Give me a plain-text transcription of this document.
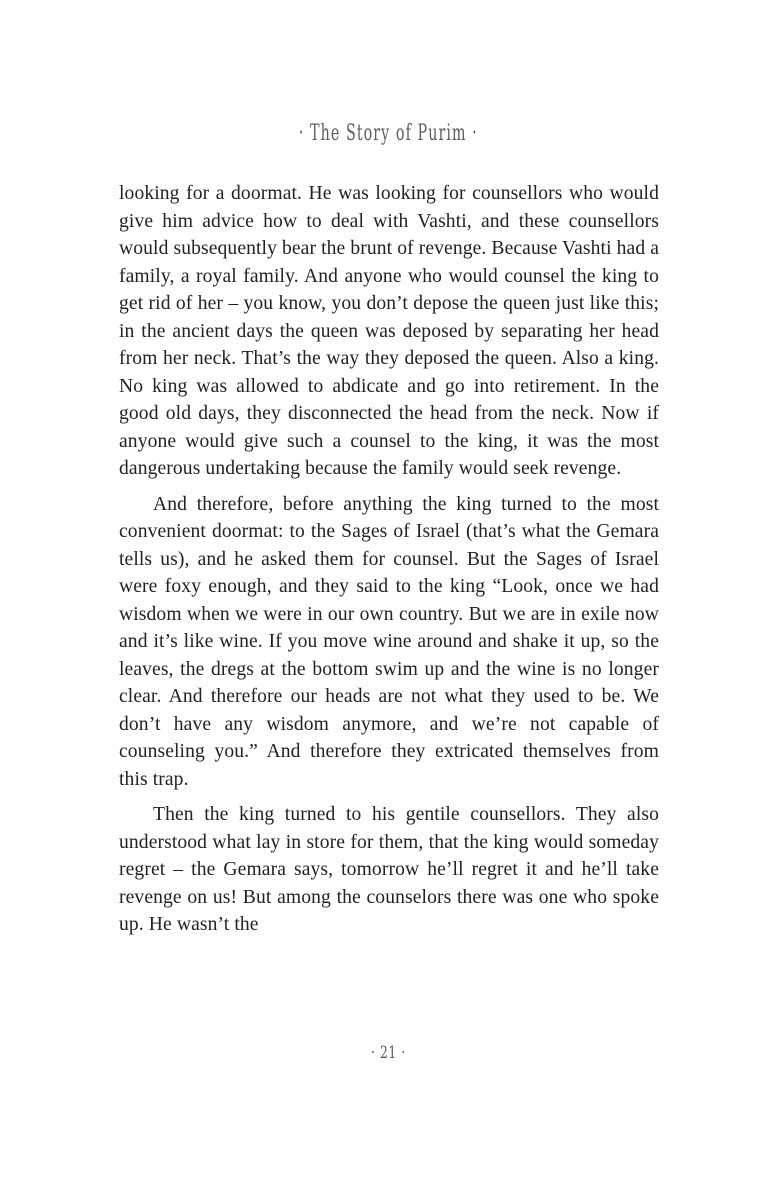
· The Story of Purim ·

looking for a doormat. He was looking for counsellors who would give him advice how to deal with Vashti, and these counsellors would subsequently bear the brunt of revenge. Because Vashti had a family, a royal family. And anyone who would counsel the king to get rid of her – you know, you don’t depose the queen just like this; in the ancient days the queen was deposed by separating her head from her neck. That’s the way they deposed the queen. Also a king. No king was allowed to abdicate and go into retirement. In the good old days, they disconnected the head from the neck. Now if anyone would give such a counsel to the king, it was the most dangerous undertaking because the family would seek revenge.

And therefore, before anything the king turned to the most convenient doormat: to the Sages of Israel (that’s what the Gemara tells us), and he asked them for counsel. But the Sages of Israel were foxy enough, and they said to the king “Look, once we had wisdom when we were in our own country. But we are in exile now and it’s like wine. If you move wine around and shake it up, so the leaves, the dregs at the bottom swim up and the wine is no longer clear. And therefore our heads are not what they used to be. We don’t have any wisdom anymore, and we’re not capable of counseling you.” And therefore they extricated themselves from this trap.

Then the king turned to his gentile counsellors. They also understood what lay in store for them, that the king would someday regret – the Gemara says, tomorrow he’ll regret it and he’ll take revenge on us! But among the counselors there was one who spoke up. He wasn’t the

· 21 ·
